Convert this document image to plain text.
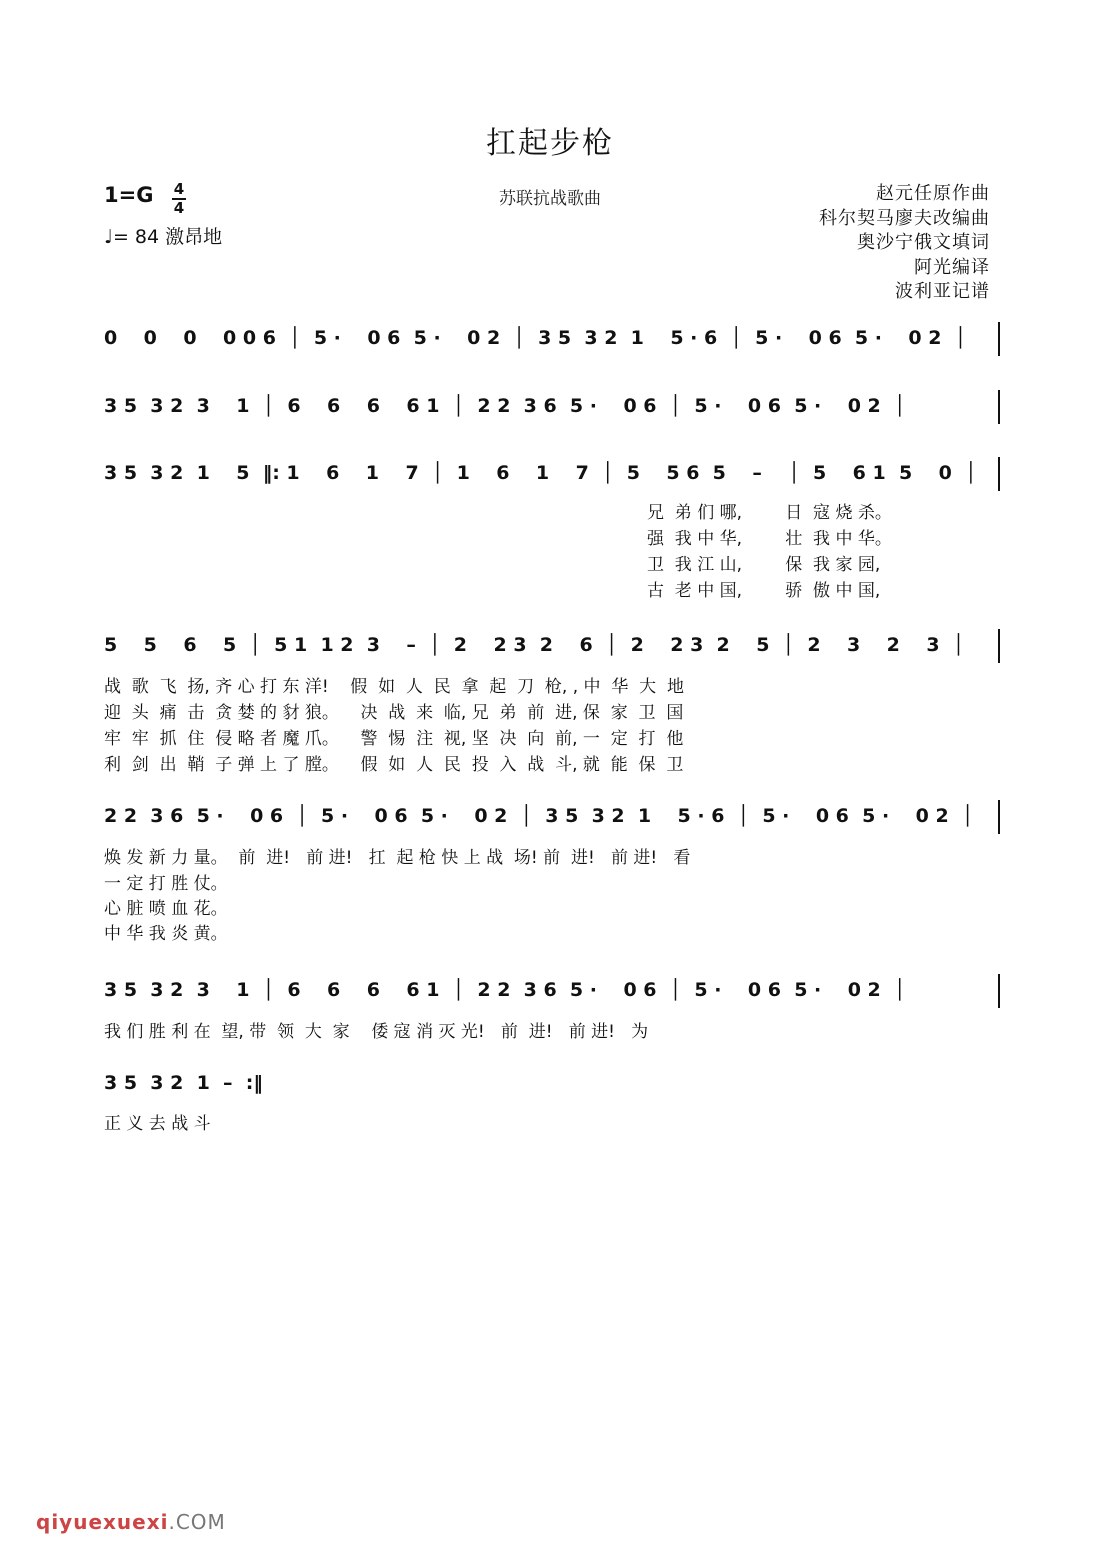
扛起步枪
1=G 4
4
♩= 84 激昂地
苏联抗战歌曲	赵元任原作曲
科尔契马廖夫改编曲
奥沙宁俄文填词
阿光编译
波利亚记谱
0    0    0    0 0 6  │  5 ·    0 6  5 ·    0 2  │  3 5  3 2  1    5 · 6  │  5 ·    0 6  5 ·    0 2  │
3 5  3 2  3    1  │  6    6    6    6 1  │  2 2  3 6  5 ·    0 6  │  5 ·    0 6  5 ·    0 2  │
3 5  3 2  1    5  ‖: 1    6    1    7  │  1    6    1    7  │  5    5 6  5    –    │  5    6 1  5    0  │
兄  弟 们 哪,        日  寇 烧 杀。
强  我 中 华,        壮  我 中 华。
卫  我 江 山,        保  我 家 园,
古  老 中 国,        骄  傲 中 国,
5    5    6    5  │  5 1  1 2  3    –  │  2    2 3  2    6  │  2    2 3  2    5  │  2    3    2    3  │
战  歌  飞  扬, 齐 心 打 东 洋!    假  如  人  民  拿  起  刀  枪, , 中  华  大  地
迎  头  痛  击  贪 婪 的 豺 狼。    决  战  来  临, 兄  弟  前  进, 保  家  卫  国
牢  牢  抓  住  侵 略 者 魔 爪。    警  惕  注  视, 坚  决  向  前, 一  定  打  他
利  剑  出  鞘  子 弹 上 了 膛。    假  如  人  民  投  入  战  斗, 就  能  保  卫
2 2  3 6  5 ·    0 6  │  5 ·    0 6  5 ·    0 2  │  3 5  3 2  1    5 · 6  │  5 ·    0 6  5 ·    0 2  │
焕 发 新 力 量。  前  进!   前 进!   扛  起 枪 快 上 战  场! 前  进!   前 进!   看
一 定 打 胜 仗。
心 脏 喷 血 花。
中 华 我 炎 黄。
3 5  3 2  3    1  │  6    6    6    6 1  │  2 2  3 6  5 ·    0 6  │  5 ·    0 6  5 ·    0 2  │
我 们 胜 利 在  望, 带  领  大  家    倭 寇 消 灭 光!   前  进!   前 进!   为
3 5  3 2  1  –  :‖
正 义 去 战 斗
qiyuexuexi.COM
